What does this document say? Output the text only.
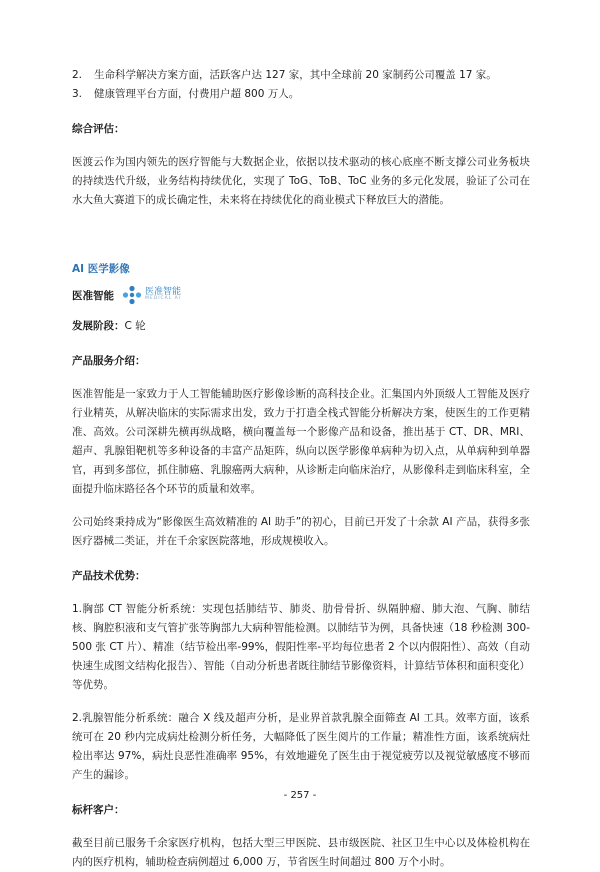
2.	生命科学解决方案方面，活跃客户达 127 家，其中全球前 20 家制药公司覆盖 17 家。
3.	健康管理平台方面，付费用户超 800 万人。
综合评估：

医渡云作为国内领先的医疗智能与大数据企业，依据以技术驱动的核心底座不断支撑公司业务板块的持续迭代升级，业务结构持续优化，实现了 ToG、ToB、ToC 业务的多元化发展，验证了公司在水大鱼大赛道下的成长确定性，未来将在持续优化的商业模式下释放巨大的潜能。

AI 医学影像
医准智能	医准智能
MEDICAL AI
发展阶段：C 轮
产品服务介绍：

医准智能是一家致力于人工智能辅助医疗影像诊断的高科技企业。汇集国内外顶级人工智能及医疗行业精英，从解决临床的实际需求出发，致力于打造全栈式智能分析解决方案，使医生的工作更精准、高效。公司深耕先横再纵战略，横向覆盖每一个影像产品和设备，推出基于 CT、DR、MRI、超声、乳腺钼靶机等多种设备的丰富产品矩阵，纵向以医学影像单病种为切入点，从单病种到单器官，再到多部位，抓住肺癌、乳腺癌两大病种，从诊断走向临床治疗，从影像科走到临床科室，全面提升临床路径各个环节的质量和效率。

公司始终秉持成为“影像医生高效精准的 AI 助手”的初心，目前已开发了十余款 AI 产品，获得多张医疗器械二类证，并在千余家医院落地，形成规模收入。

产品技术优势：

1.胸部 CT 智能分析系统：实现包括肺结节、肺炎、肋骨骨折、纵隔肿瘤、肺大泡、气胸、肺结核、胸腔积液和支气管扩张等胸部九大病种智能检测。以肺结节为例，具备快速（18 秒检测 300-500 张 CT 片）、精准（结节检出率-99%，假阳性率-平均每位患者 2 个以内假阳性）、高效（自动快速生成图文结构化报告）、智能（自动分析患者既往肺结节影像资料，计算结节体积和面积变化）等优势。

2.乳腺智能分析系统：融合 X 线及超声分析，是业界首款乳腺全面筛查 AI 工具。效率方面，该系统可在 20 秒内完成病灶检测分析任务，大幅降低了医生阅片的工作量；精准性方面，该系统病灶检出率达 97%，病灶良恶性准确率 95%，有效地避免了医生由于视觉疲劳以及视觉敏感度不够而产生的漏诊。

标杆客户：

截至目前已服务千余家医疗机构，包括大型三甲医院、县市级医院、社区卫生中心以及体检机构在内的医疗机构，辅助检查病例超过 6,000 万，节省医生时间超过 800 万个小时。

- 257 -
